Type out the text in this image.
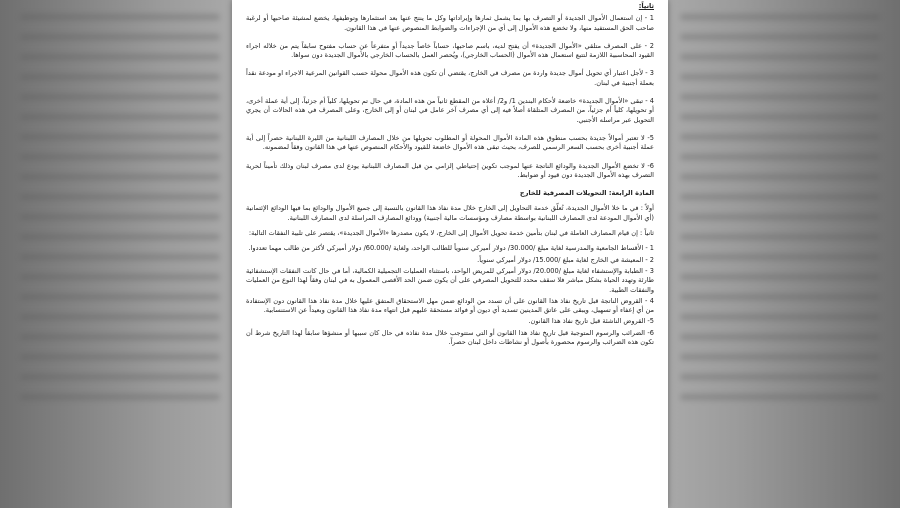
ثانياً:

1 - إن استعمال الأموال الجديدة أو التصرف بها بما يشمل ثمارها وإيراداتها وكل ما ينتج عنها بعد استثمارها وتوظيفها، يخضع لمشيئة صاحبها أو لرغبة صاحب الحق المستفيد منها، ولا تخضع هذه الأموال إلى أي من الإجراءات والضوابط المنصوص عنها في هذا القانون.

2 - على المصرف متلقي «الأموال الجديدة» أن يفتح لديه، باسم صاحبها، حساباً خاصاً جديداً أو متفرعاً عن حساب مفتوح سابقاً يتم من خلاله اجراء القيود المحاسبية اللازمة لتتبع استعمال هذه الأموال (الحساب الخارجي)، ويُحصر العمل بالحساب الخارجي بالأموال الجديدة دون سواها.

3 - لأجل اعتبار أي تحويل أموال جديدة واردة من مصرف في الخارج، يقتضي أن تكون هذه الأموال محولة حسب القوانين المرعية الاجراء او مودعة نقداً بعملة أجنبية في لبنان.

4 - تبقى «الأموال الجديدة» خاضعة لأحكام البندين 1/ و2/ أعلاه من المقطع ثانياً من هذه المادة، في حال تم تحويلها، كلياً أم جزئياً، إلى أية عملة أخرى، أو تحويلها، كلياً أم جزئياً، من المصرف المتلقاة أصلاً فيه إلى أي مصرف آخر عامل في لبنان أو إلى الخارج، وعلى المصرف في هذه الحالات أن يجري التحويل عبر مراسله الأجنبي.

5- لا تعتبر أموالاً جديدة بحسب منطوق هذه المادة الأموال المحولة أو المطلوب تحويلها من خلال المصارف اللبنانية من الليرة اللبنانية حصراً إلى أية عملة أجنبية أخرى بحسب السعر الرسمي للصرف، بحيث تبقى هذه الأموال خاضعة للقيود والأحكام المنصوص عنها في هذا القانون وفقاً لمضمونه.

6- لا تخضع الأموال الجديدة والودائع الناتجة عنها لموجب تكوين إحتياطي إلزامي من قبل المصارف اللبنانية يودع لدى مصرف لبنان وذلك تأميناً لحرية التصرف بهذه الأموال الجديدة دون قيود أو ضوابط.

المادة الرابعة: التحويلات المصرفية للخارج

أولاً : في ما خلا الأموال الجديدة، تُعلّق خدمة التحاويل إلى الخارج خلال مدة نفاذ هذا القانون بالنسبة إلى جميع الأموال والودائع بما فيها الودائع الإئتمانية (أي الأموال المودعة لدى المصارف اللبنانية بواسطة مصارف ومؤسسات مالية أجنبية) وودائع المصارف المراسلة لدى المصارف اللبنانية.

ثانياً : إن قيام المصارف العاملة في لبنان بتأمين خدمة تحويل الأموال إلى الخارج، لا يكون مصدرها «الأموال الجديدة»، يقتصر على تلبية النفقات التالية:

1 - الأقساط الجامعية والمدرسية لغاية مبلغ /30.000/ دولار أميركي سنوياً للطالب الواحد، ولغاية /60.000/ دولار أميركي لأكثر من طالب مهما تعددوا.

2 - المعيشة في الخارج لغاية مبلغ /15.000/ دولار أميركي سنوياً.

3 - الطبابة والإستشفاء لغاية مبلغ /20.000/ دولار أميركي للمريض الواحد، باستثناء العمليات التجميلية الكمالية، أما في حال كانت النفقات الإستشفائية طارئة وتهدد الحياة بشكل مباشر فلا سقف محدد للتحويل المصرفي على أن يكون ضمن الحد الأقصى المعمول به في لبنان وفقاً لهذا النوع من العمليات والنفقات الطبية.

4 - القروض الناتجة قبل تاريخ نفاذ هذا القانون على أن تسدد من الودائع ضمن مهل الاستحقاق المتفق عليها خلال مدة نفاذ هذا القانون دون الإستفادة من أي إعفاء أو تسهيل، ويبقى على عاتق المدينين تسديد أي ديون أو فوائد مستحقة عليهم قبل انتهاء مدة نفاذ هذا القانون وبعيداً عن الاستنسابية.

5- القروض الناشئة قبل تاريخ نفاذ هذا القانون.

6- الضرائب والرسوم المتوجبة قبل تاريخ نفاذ هذا القانون أو التي ستتوجب خلال مدة نفاذه في حال كان سببها أو منشؤها سابقاً لهذا التاريخ شرط أن تكون هذه الضرائب والرسوم محصورة بأصول أو نشاطات داخل لبنان حصراً.
